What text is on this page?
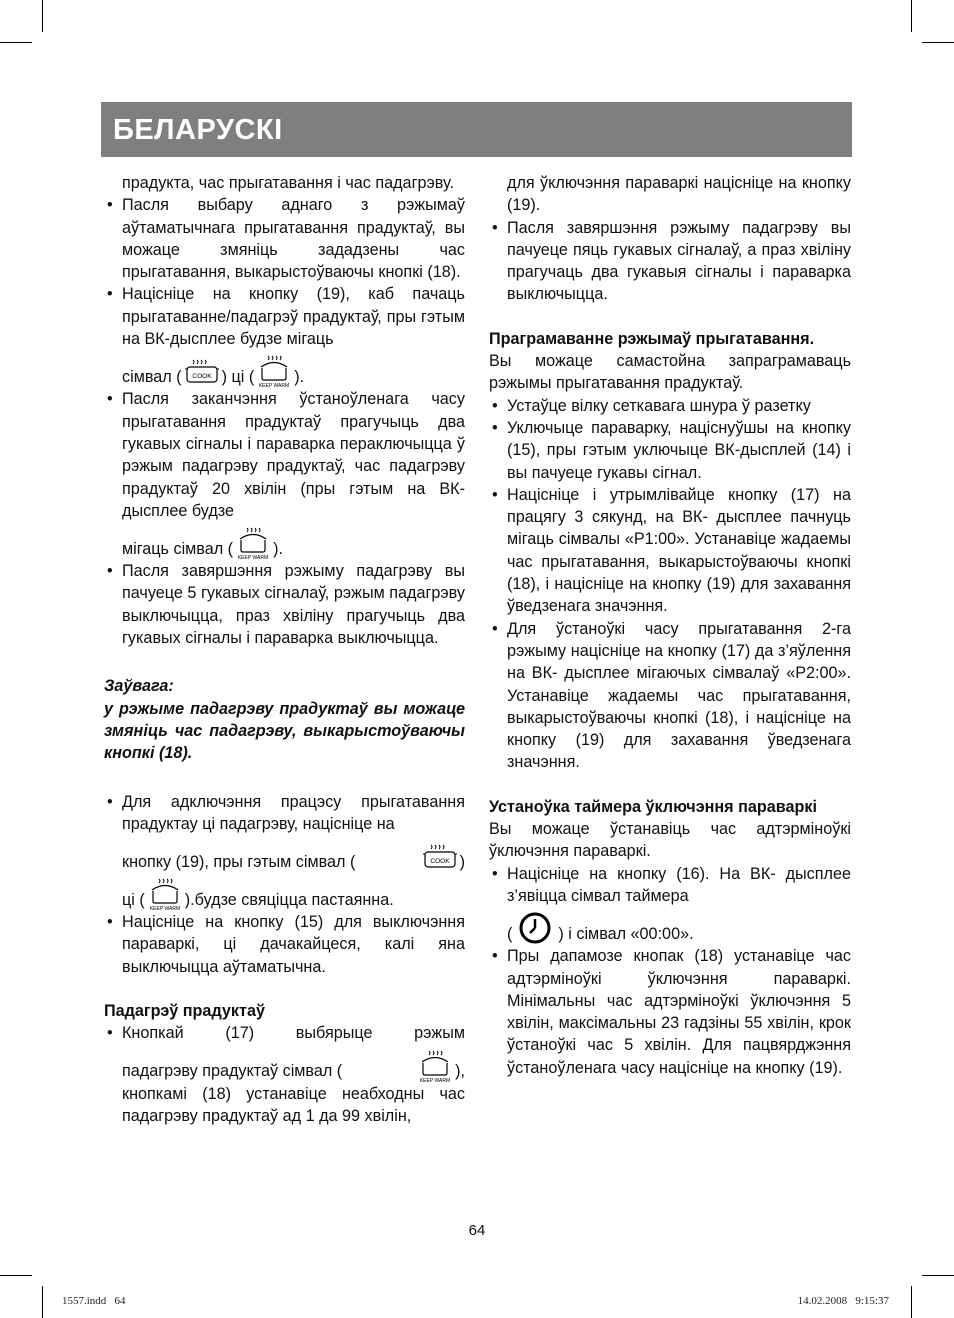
БЕЛАРУСКІ

прадукта, час прыгатавання і час падагрэву.

• Пасля выбару аднаго з рэжымаў аўтаматычнага прыгатавання прадуктаў, вы можаце змяніць зададзены час прыгатавання, выкарыстоўваючы кнопкі (18).
• Націсніце на кнопку (19), каб пачаць прыгатаванне/падагрэў прадуктаў, пры гэтым на ВК-дысплее будзе мігаць
сімвал ( COOK ) ці (
KEEP WARM
).
• Пасля заканчэння ўстаноўленага часу прыгатавання прадуктаў прагучыць два гукавых сігналы і параварка пераключыцца ў рэжым падагрэву прадуктаў, час падагрэву прадуктаў 20 хвілін (пры гэтым на ВК-дысплее будзе
мігаць сімвал (
KEEP WARM
).
• Пасля завяршэння рэжыму падагрэву вы пачуеце 5 гукавых сігналаў, рэжым падагрэву выключыцца, праз хвіліну прагучыць два гукавых сігналы і параварка выключыцца.

Заўвага:

у рэжыме падагрэву прадуктаў вы можаце змяніць час падагрэву, выкарыстоўваючы кнопкі (18).

• Для адключэння працэсу прыгатавання прадуктау ці падагрэву, націсніце на
кнопку (19), пры гэтым сімвал (	COOK )
ці (
KEEP WARM
).будзе свяціцца пастаянна.
• Націсніце на кнопку (15) для выключэння параваркі, ці дачакайцеся, калі яна выключыцца аўтаматычна.

Падагрэў прадуктаў

• Кнопкай (17) выбярыце рэжым

падагрэву прадуктаў сімвал (
KEEP WARM
),
кнопкамі (18) устанавіце неабходны час падагрэву прадуктаў ад 1 да 99 хвілін,

для ўключэння параваркі націсніце на кнопку (19).

• Пасля завяршэння рэжыму падагрэву вы пачуеце пяць гукавых сігналаў, а праз хвіліну прагучаць два гукавыя сігналы і параварка выключыцца.

Праграмаванне рэжымаў прыгатавання.

Вы можаце самастойна запраграмаваць рэжымы прыгатавання прадуктаў.

• Устаўце вілку сеткавага шнура ў разетку
• Уключыце параварку, націснуўшы на кнопку (15), пры гэтым уключыце ВК-дысплей (14) і вы пачуеце гукавы сігнал.
• Націсніце і утрымлівайце кнопку (17) на працягу 3 сякунд, на ВК- дысплее пачнуць мігаць сімвалы «Р1:00». Устанавіце жадаемы час прыгатавання, выкарыстоўваючы кнопкі (18), і націсніце на кнопку (19) для захавання ўведзенага значэння.
• Для ўстаноўкі часу прыгатавання 2-га рэжыму націсніце на кнопку (17) да з’яўлення на ВК- дысплее мігаючых сімвалаў «Р2:00». Устанавіце жадаемы час прыгатавання, выкарыстоўваючы кнопкі (18), і націсніце на кнопку (19) для захавання ўведзенага значэння.

Устаноўка таймера ўключэння параваркі

Вы можаце ўстанавіць час адтэрміноўкі ўключэння параваркі.

• Націсніце на кнопку (16). На ВК- дысплее з’явіцца сімвал таймера
(	) і сімвал «00:00».
• Пры дапамозе кнопак (18) устанавіце час адтэрміноўкі ўключэння параваркі. Мінімальны час адтэрміноўкі ўключэння 5 хвілін, максімальны 23 гадзіны 55 хвілін, крок ўстаноўкі час 5 хвілін. Для пацвярджэння ўстаноўленага часу націсніце на кнопку (19).
64
1557.indd   64	14.02.2008   9:15:37
